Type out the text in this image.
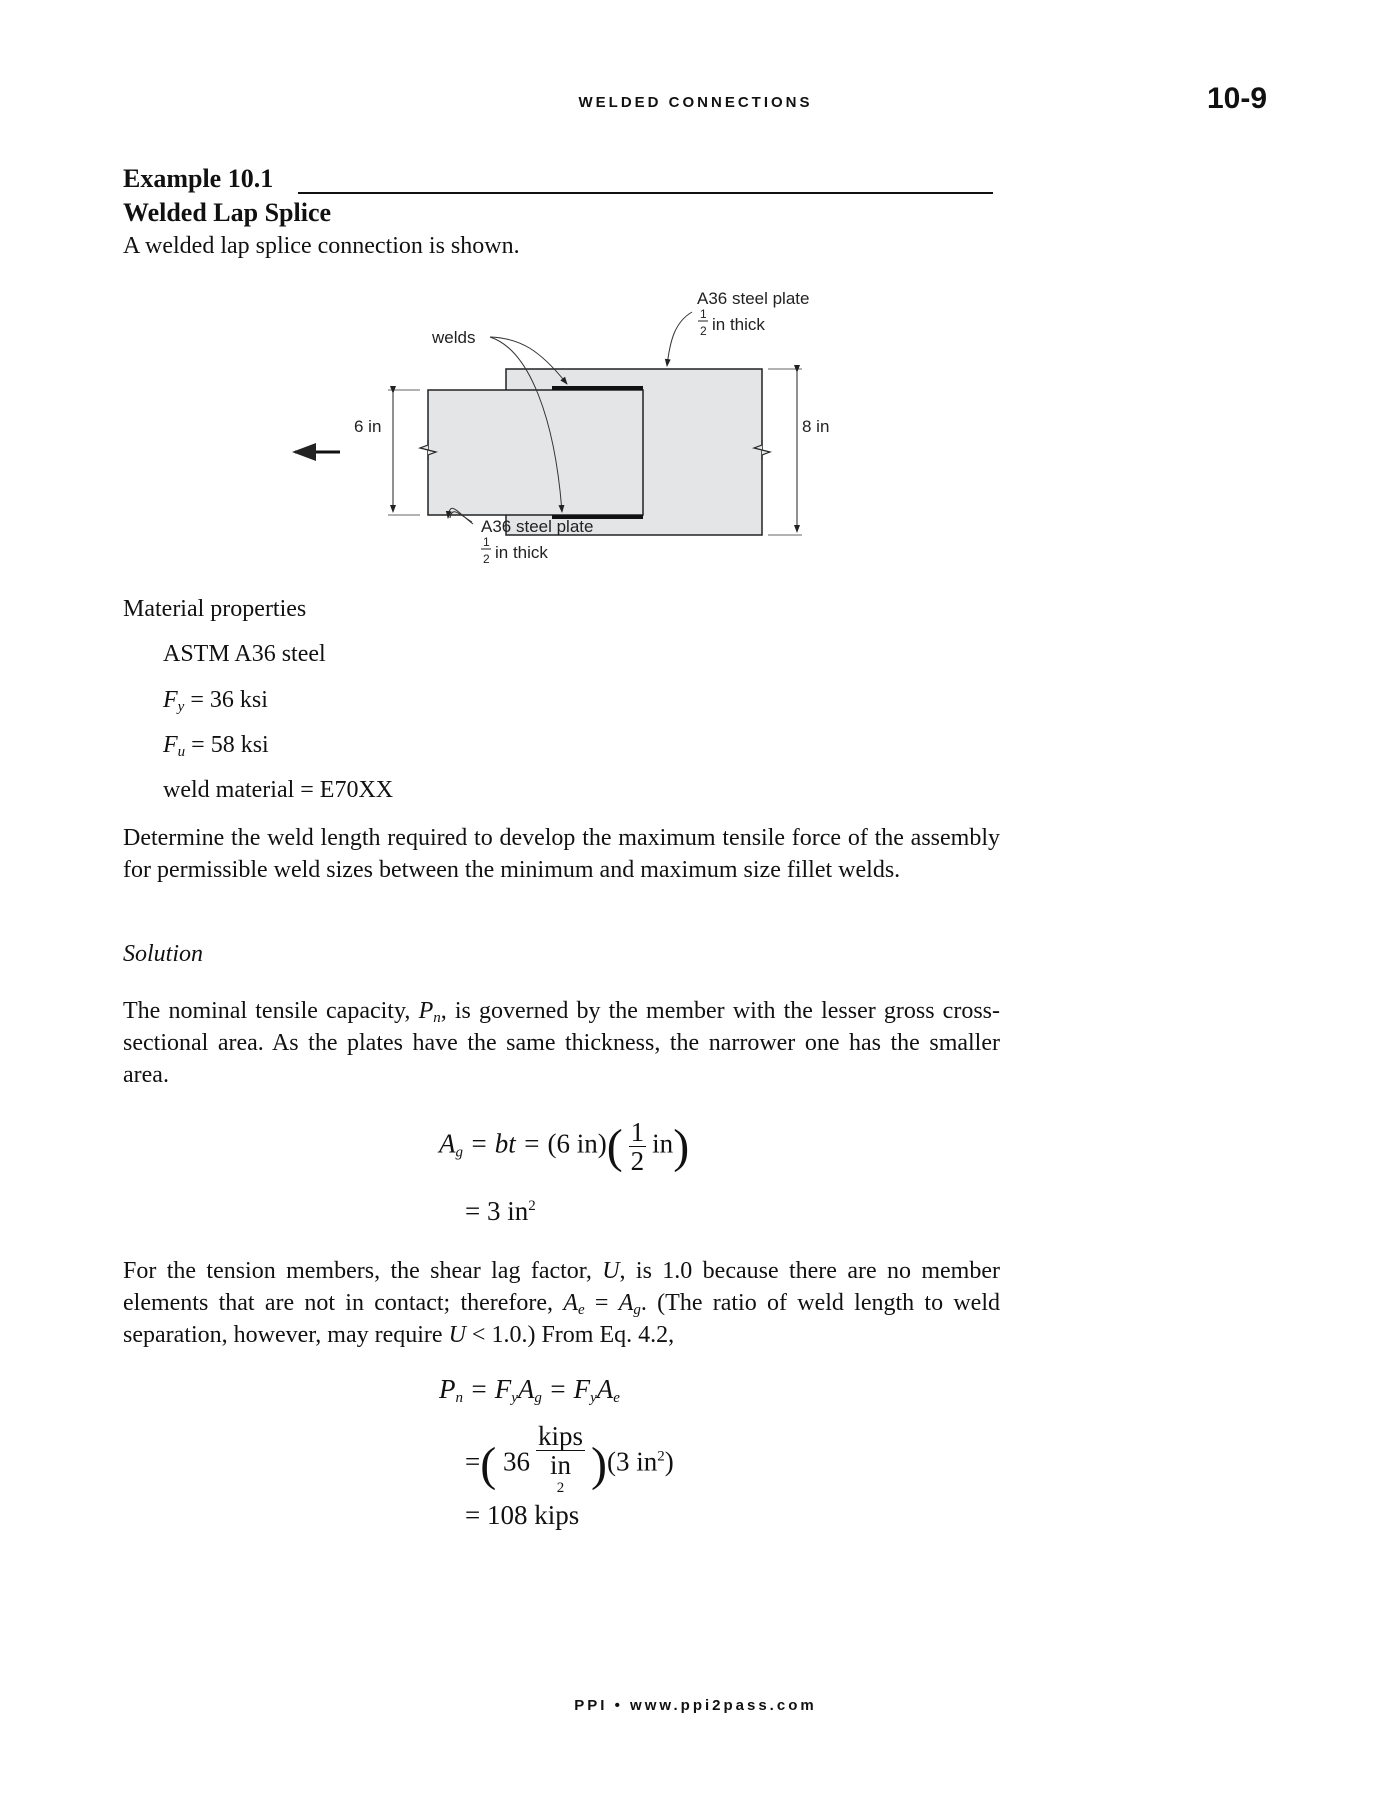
WELDED CONNECTIONS	10-9
Example 10.1
Welded Lap Splice
A welded lap splice connection is shown.
6 in	8 in
welds
A36 steel plate
1
2 in thick
A36 steel plate
1
2 in thick
Material properties
ASTM A36 steel
$F_y = 36$ ksi
$F_u = 58$ ksi
weld material = E70XX
Determine the weld length required to develop the maximum tensile force of the assembly for permissible weld sizes between the minimum and maximum size fillet welds.
Solution
The nominal tensile capacity, $P_n$, is governed by the member with the lesser gross cross-sectional area. As the plates have the same thickness, the narrower one has the smaller area.
$A_g$ = bt = (6 $in)( \frac{1}{2} in)$
= 3 $in^2$
For the tension members, the shear lag factor, U, is 1.0 because there are no member elements that are not in contact; therefore, $A_e = A_g$. (The ratio of weld length to weld separation, however, may require U < 1.0.) From Eq. 4.2,
$P_n = F_yA_g = F_yA_e$
=( 36 kips
in
$^2$ )(3 $in^2$)
= 108 kips
PPI • www.ppi2pass.com
